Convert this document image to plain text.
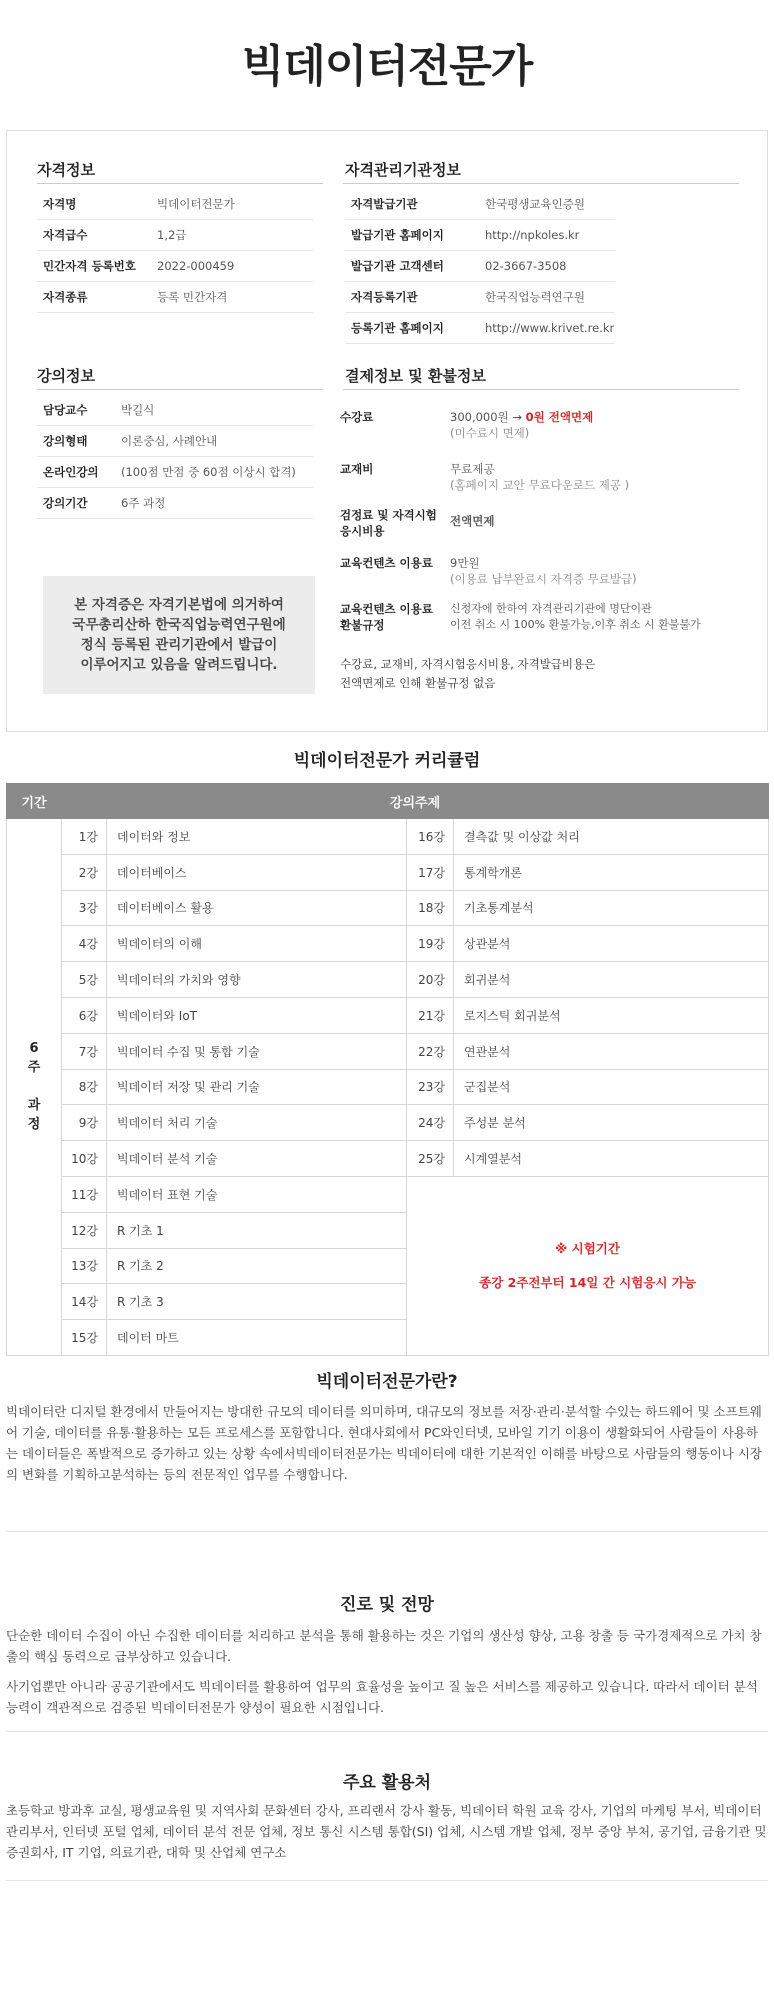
빅데이터전문가
자격정보
자격명	빅데이터전문가
자격급수	1,2급
민간자격 등록번호	2022-000459
자격종류	등록 민간자격
자격관리기관정보
자격발급기관	한국평생교육인증원
발급기관 홈페이지	http://npkoles.kr
발급기관 고객센터	02-3667-3508
자격등록기관	한국직업능력연구원
등록기관 홈페이지	http://www.krivet.re.kr
강의정보
담당교수	박길식
강의형태	이론중심, 사례안내
온라인강의	(100점 만점 중 60점 이상시 합격)
강의기간	6주 과정
본 자격증은 자격기본법에 의거하여
국무총리산하 한국직업능력연구원에
정식 등록된 관리기관에서 발급이
이루어지고 있음을 알려드립니다.
결제정보 및 환불정보
수강료	300,000원 → 0원 전액면제
(미수료시 면제)
교재비	무료제공
(홈페이지 교안 무료다운로드 제공 )
검정료 및 자격시험
응시비용
전액면제
교육컨텐츠 이용료	9만원
(이용료 납부완료시 자격증 무료발급)
교육컨텐츠 이용료
환불규정
신청자에 한하여 자격관리기관에 명단이관
이전 취소 시 100% 환불가능,이후 취소 시 환불불가
수강료, 교재비, 자격시험응시비용, 자격발급비용은
전액면제로 인해 환불규정 없음
빅데이터전문가 커리큘럼
기간	강의주제			

6
주

과
정	1강	데이터와 정보	16강	결측값 및 이상값 처리
	2강	데이터베이스	17강	통계학개론
	3강	데이터베이스 활용	18강	기초통계분석
	4강	빅데이터의 이해	19강	상관분석
	5강	빅데이터의 가치와 영향	20강	회귀분석
	6강	빅데이터와 IoT	21강	로지스틱 회귀분석
	7강	빅데이터 수집 및 통합 기술	22강	연관분석
	8강	빅데이터 저장 및 관리 기술	23강	군집분석
	9강	빅데이터 처리 기술	24강	주성분 분석
	10강	빅데이터 분석 기술	25강	시계열분석
	11강	빅데이터 표현 기술	※ 시험기간
종강 2주전부터 14일 간 시험응시 가능	

	12강	R 기초 1		
	13강	R 기초 2		
	14강	R 기초 3		
	15강	데이터 마트		
빅데이터전문가란?
빅데이터란 디지털 환경에서 만들어지는 방대한 규모의 데이터를 의미하며, 대규모의 정보를 저장·관리·분석할 수있는 하드웨어 및 소프트웨어 기술, 데이터를 유통·활용하는 모든 프로세스를 포함합니다. 현대사회에서 PC와인터넷, 모바일 기기 이용이 생활화되어 사람들이 사용하는 데이터들은 폭발적으로 증가하고 있는 상황 속에서빅데이터전문가는 빅데이터에 대한 기본적인 이해를 바탕으로 사람들의 행동이나 시장의 변화를 기획하고분석하는 등의 전문적인 업무를 수행합니다.
진로 및 전망
단순한 데이터 수집이 아닌 수집한 데이터를 처리하고 분석을 통해 활용하는 것은 기업의 생산성 향상, 고용 창출 등 국가경제적으로 가치 창출의 핵심 동력으로 급부상하고 있습니다.
사기업뿐만 아니라 공공기관에서도 빅데이터를 활용하여 업무의 효율성을 높이고 질 높은 서비스를 제공하고 있습니다. 따라서 데이터 분석능력이 객관적으로 검증된 빅데이터전문가 양성이 필요한 시점입니다.
주요 활용처
초등학교 방과후 교실, 평생교육원 및 지역사회 문화센터 강사, 프리랜서 강사 활동, 빅데이터 학원 교육 강사, 기업의 마케팅 부서, 빅데이터 관리부서, 인터넷 포털 업체, 데이터 분석 전문 업체, 정보 통신 시스템 통합(SI) 업체, 시스템 개발 업체, 정부 중앙 부처, 공기업, 금융기관 및 증권회사, IT 기업, 의료기관, 대학 및 산업체 연구소
